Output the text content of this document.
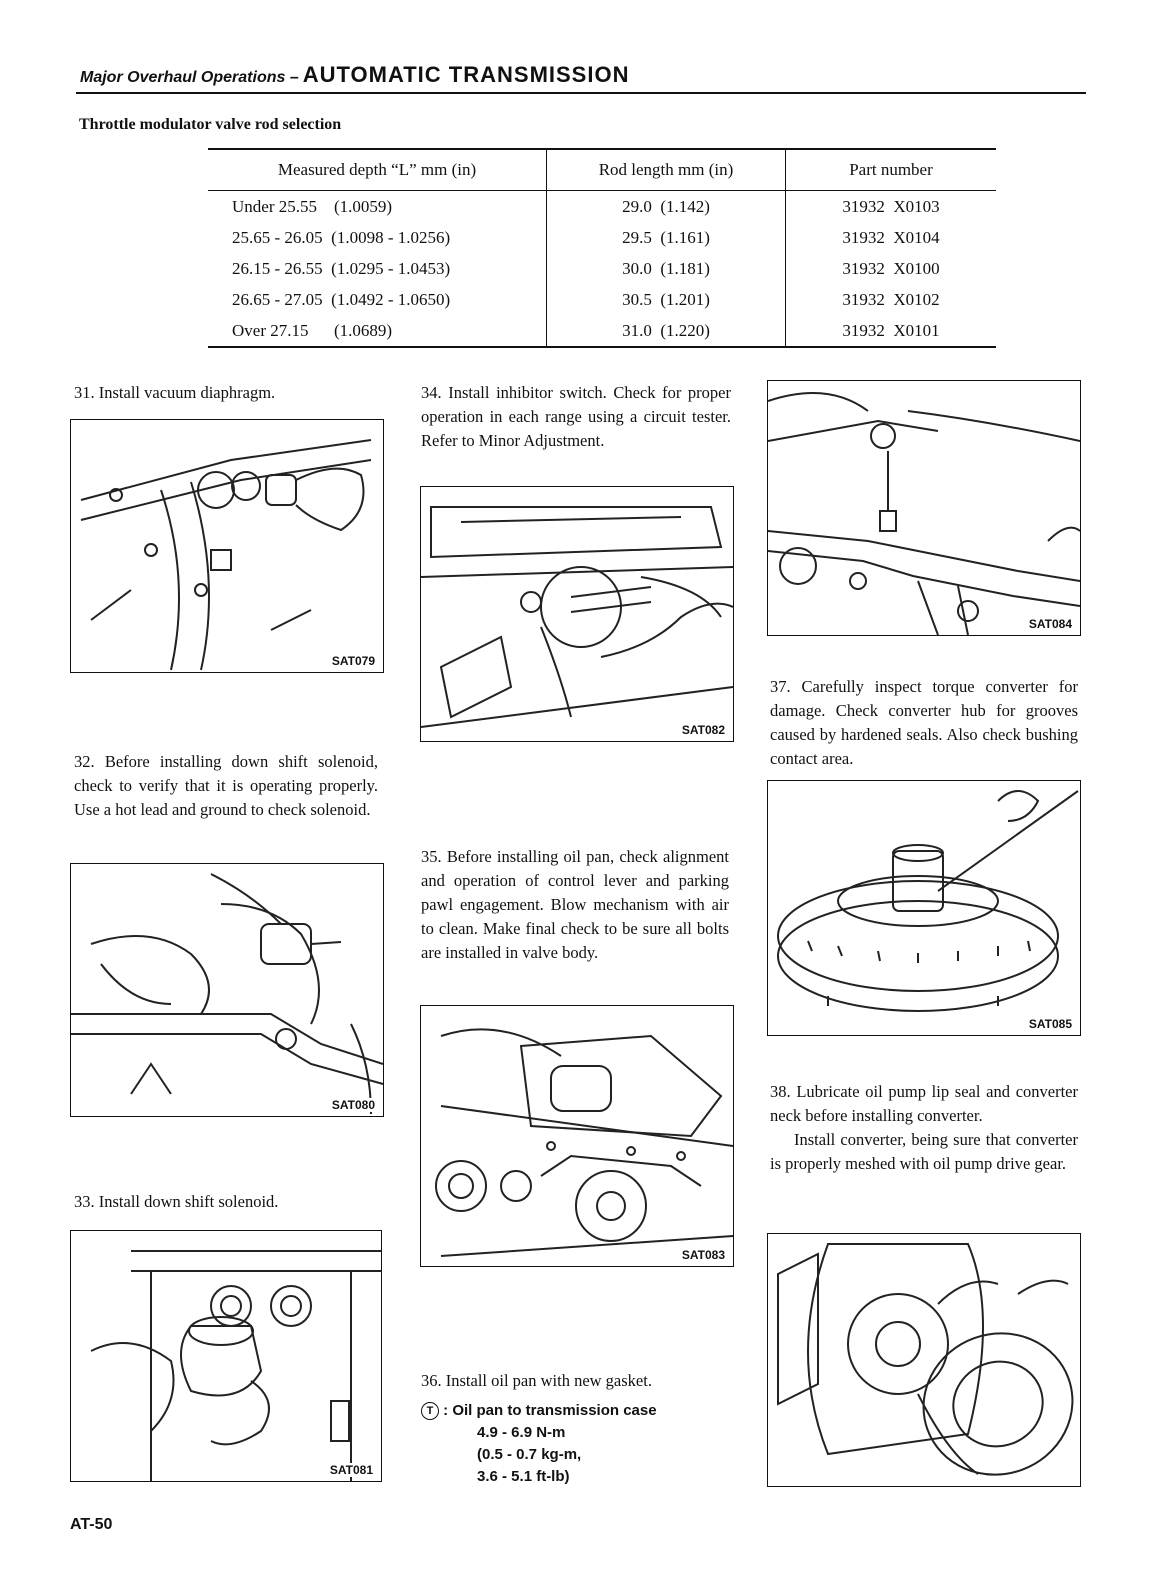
Major Overhaul Operations – AUTOMATIC TRANSMISSION
Throttle modulator valve rod selection
Measured depth “L” mm (in)	Rod length mm (in)	Part number
Under 25.55    (1.0059)	29.0  (1.142)	31932  X0103
25.65 - 26.05  (1.0098 - 1.0256)	29.5  (1.161)	31932  X0104
26.15 - 26.55  (1.0295 - 1.0453)	30.0  (1.181)	31932  X0100
26.65 - 27.05  (1.0492 - 1.0650)	30.5  (1.201)	31932  X0102
Over 27.15      (1.0689)	31.0  (1.220)	31932  X0101
31. Install vacuum diaphragm.
SAT079
32. Before installing down shift solenoid, check to verify that it is operating properly. Use a hot lead and ground to check solenoid.
SAT080
33. Install down shift solenoid.
SAT081
34. Install inhibitor switch. Check for proper operation in each range using a circuit tester. Refer to Minor Adjustment.
SAT082
35. Before installing oil pan, check alignment and operation of control lever and parking pawl engagement. Blow mechanism with air to clean. Make final check to be sure all bolts are installed in valve body.
SAT083
36. Install oil pan with new gasket.
T : Oil pan to transmission case
4.9 - 6.9 N-m
(0.5 - 0.7 kg-m,
3.6 - 5.1 ft-lb)
SAT084
37. Carefully inspect torque converter for damage. Check converter hub for grooves caused by hardened seals. Also check bushing contact area.
SAT085

38. Lubricate oil pump lip seal and converter neck before installing converter.

Install converter, being sure that converter is properly meshed with oil pump drive gear.

AT-50
